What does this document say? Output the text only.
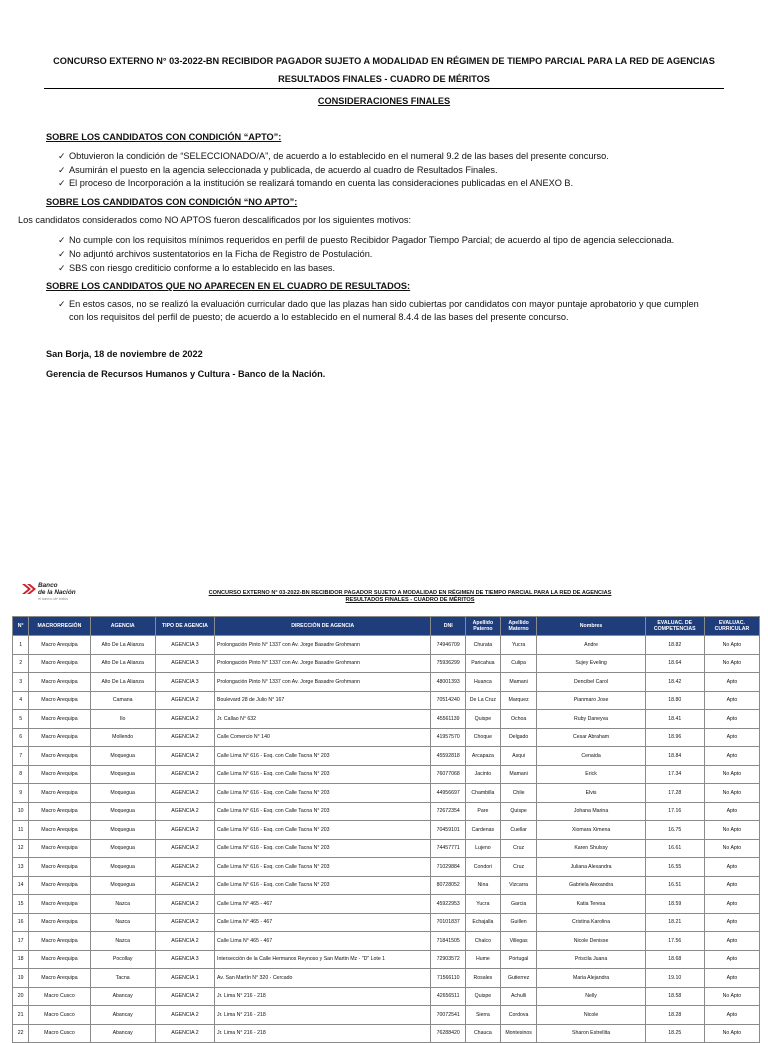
CONCURSO EXTERNO N° 03-2022-BN RECIBIDOR PAGADOR SUJETO A MODALIDAD EN RÉGIMEN DE TIEMPO PARCIAL PARA LA RED DE AGENCIAS
RESULTADOS FINALES - CUADRO DE MÉRITOS
CONSIDERACIONES FINALES
SOBRE LOS CANDIDATOS CON CONDICIÓN “APTO”:
✓ Obtuvieron la condición de “SELECCIONADO/A”, de acuerdo a lo establecido en el numeral 9.2 de las bases del presente concurso.
✓ Asumirán el puesto en la agencia seleccionada y publicada, de acuerdo al cuadro de Resultados Finales.
✓ El proceso de Incorporación a la institución se realizará tomando en cuenta las consideraciones publicadas en el ANEXO B.
SOBRE LOS CANDIDATOS CON CONDICIÓN “NO APTO”:
Los candidatos considerados como NO APTOS fueron descalificados por los siguientes motivos:
✓ No cumple con los requisitos mínimos requeridos en perfil de puesto Recibidor Pagador Tiempo Parcial; de acuerdo al tipo de agencia seleccionada.
✓ No adjuntó archivos sustentatorios en la Ficha de Registro de Postulación.
✓ SBS con riesgo crediticio conforme a lo establecido en las bases.
SOBRE LOS CANDIDATOS QUE NO APARECEN EN EL CUADRO DE RESULTADOS:
✓ En estos casos, no se realizó la evaluación curricular dado que las plazas han sido cubiertas por candidatos con mayor puntaje aprobatorio y que cumplen
con los requisitos del perfil de puesto; de acuerdo a lo establecido en el numeral 8.4.4 de las bases del presente concurso.
San Borja, 18 de noviembre de 2022
Gerencia de Recursos Humanos y Cultura - Banco de la Nación.
Banco
de la Nación
el banco de todos
CONCURSO EXTERNO N° 03-2022-BN RECIBIDOR PAGADOR SUJETO A MODALIDAD EN RÉGIMEN DE TIEMPO PARCIAL PARA LA RED DE AGENCIAS
RESULTADOS FINALES - CUADRO DE MÉRITOS
N°	MACRORREGIÓN	AGENCIA	TIPO DE AGENCIA	DIRECCIÓN DE AGENCIA	DNI	Apellido Paterno	Apellido Materno	Nombres	EVALUAC. DE COMPETENCIAS	EVALUAC. CURRICULAR
1	Macro Arequipa	Alto De La Alianza	AGENCIA 3	Prolongación Pinto N° 1337 con Av. Jorge Basadre Grohmann	74946709	Churata	Yucra	Andre	18.82	No Apto
2	Macro Arequipa	Alto De La Alianza	AGENCIA 3	Prolongación Pinto N° 1337 con Av. Jorge Basadre Grohmann	75936299	Paricahua	Culipa	Sujey Eveling	18.64	No Apto
3	Macro Arequipa	Alto De La Alianza	AGENCIA 3	Prolongación Pinto N° 1337 con Av. Jorge Basadre Grohmann	48001393	Huanca	Mamani	Dencibel Carol	18.42	Apto
4	Macro Arequipa	Camana	AGENCIA 2	Boulevard 28 de Julio N° 167	70514240	De La Cruz	Marquez	Pianmaro Jose	18.80	Apto
5	Macro Arequipa	Ilo	AGENCIA 2	Jr. Callao N° 632	45561139	Quispe	Ochoa	Ruby Daneyva	18.41	Apto
6	Macro Arequipa	Mollendo	AGENCIA 2	Calle Comercio N° 140	41957570	Choque	Delgado	Cesar Abraham	18.96	Apto
7	Macro Arequipa	Moquegua	AGENCIA 2	Calle Lima N° 616 - Esq. con Calle Tacna N° 203	45592818	Arcapaza	Asqui	Cenaida	18.84	Apto
8	Macro Arequipa	Moquegua	AGENCIA 2	Calle Lima N° 616 - Esq. con Calle Tacna N° 203	76077068	Jacinto	Mamani	Erick	17.34	No Apto
9	Macro Arequipa	Moquegua	AGENCIA 2	Calle Lima N° 616 - Esq. con Calle Tacna N° 203	44956697	Chambilla	Chile	Elvis	17.28	No Apto
10	Macro Arequipa	Moquegua	AGENCIA 2	Calle Lima N° 616 - Esq. con Calle Tacna N° 203	72672354	Pare	Quispe	Johana Marina	17.16	Apto
11	Macro Arequipa	Moquegua	AGENCIA 2	Calle Lima N° 616 - Esq. con Calle Tacna N° 203	70459101	Cardenas	Cuellar	Xiomara Ximena	16.75	No Apto
12	Macro Arequipa	Moquegua	AGENCIA 2	Calle Lima N° 616 - Esq. con Calle Tacna N° 203	74457771	Lujeno	Cruz	Karen Shulssy	16.61	No Apto
13	Macro Arequipa	Moquegua	AGENCIA 2	Calle Lima N° 616 - Esq. con Calle Tacna N° 203	71029884	Condori	Cruz	Juliana Alexandra	16.55	Apto
14	Macro Arequipa	Moquegua	AGENCIA 2	Calle Lima N° 616 - Esq. con Calle Tacna N° 203	80728052	Nina	Vizcarra	Gabriela Alexandra	16.51	Apto
15	Macro Arequipa	Nazca	AGENCIA 2	Calle Lima N° 465 - 467	45922953	Yucra	Garcia	Katia Teresa	18.59	Apto
16	Macro Arequipa	Nazca	AGENCIA 2	Calle Lima N° 465 - 467	70101837	Echajalla	Guillen	Cristina Karolina	18.21	Apto
17	Macro Arequipa	Nazca	AGENCIA 2	Calle Lima N° 465 - 467	71841505	Chalco	Villegas	Nicole Denisse	17.56	Apto
18	Macro Arequipa	Pocollay	AGENCIA 3	Intersección de la Calle Hermanos Reynoso y San Martin Mz - "D" Lote 1	72903572	Hume	Portugal	Priscila Juana	18.68	Apto
19	Macro Arequipa	Tacna	AGENCIA 1	Av. San Martín N° 320 - Cercado	71566110	Rosales	Gutierrez	Maria Alejandra	19.10	Apto
20	Macro Cusco	Abancay	AGENCIA 2	Jr. Lima N° 216 - 218	42656511	Quispe	Achulli	Nelly	18.58	No Apto
21	Macro Cusco	Abancay	AGENCIA 2	Jr. Lima N° 216 - 218	70072541	Sierra	Cordova	Nicole	18.28	Apto
22	Macro Cusco	Abancay	AGENCIA 2	Jr. Lima N° 216 - 218	76288420	Chauca	Montesinos	Sharon Estrellita	18.25	No Apto
